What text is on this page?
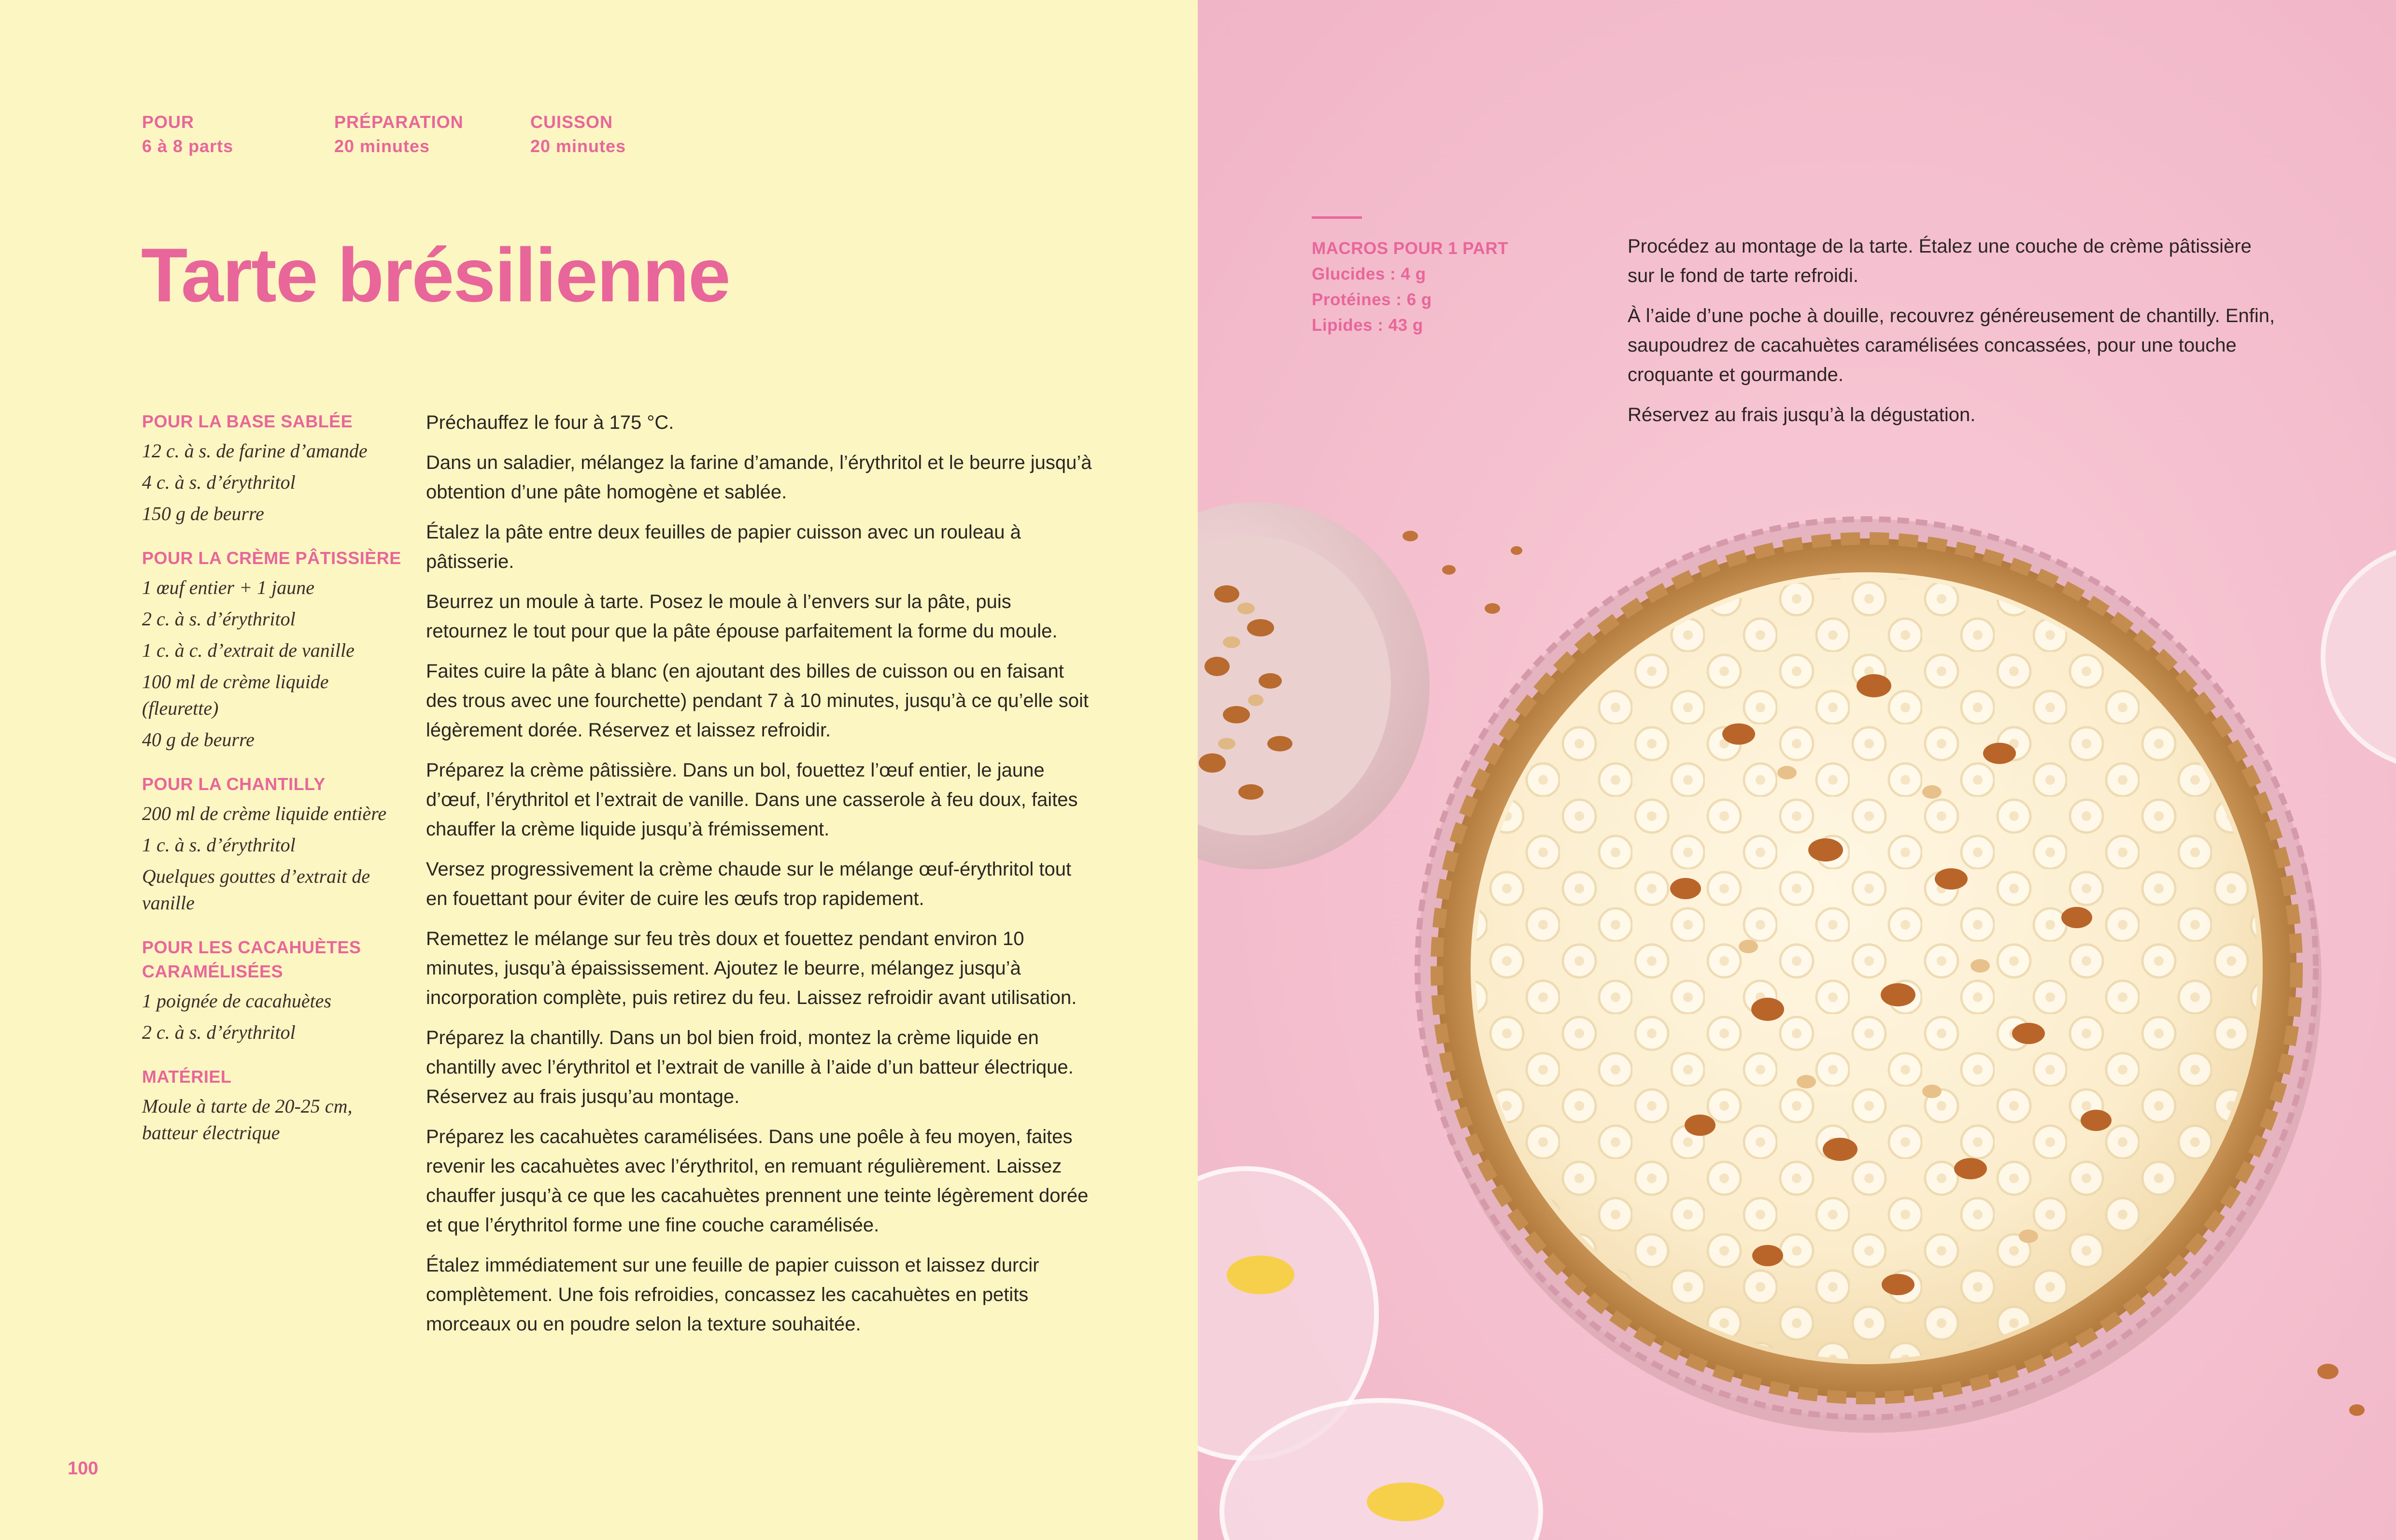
POUR
6 à 8 parts
PRÉPARATION
20 minutes
CUISSON
20 minutes
Tarte brésilienne
POUR LA BASE SABLÉE
12 c. à s. de farine d’amande
4 c. à s. d’érythritol
150 g de beurre
POUR LA CRÈME PÂTISSIÈRE
1 œuf entier + 1 jaune
2 c. à s. d’érythritol
1 c. à c. d’extrait de vanille
100 ml de crème liquide (fleurette)
40 g de beurre
POUR LA CHANTILLY
200 ml de crème liquide entière
1 c. à s. d’érythritol
Quelques gouttes d’extrait de vanille
POUR LES CACAHUÈTES CARAMÉLISÉES
1 poignée de cacahuètes
2 c. à s. d’érythritol
MATÉRIEL
Moule à tarte de 20-25 cm, batteur électrique

Préchauffez le four à 175 °C.

Dans un saladier, mélangez la farine d’amande, l’érythritol et le beurre jusqu’à obtention d’une pâte homogène et sablée.

Étalez la pâte entre deux feuilles de papier cuisson avec un rouleau à pâtisserie.

Beurrez un moule à tarte. Posez le moule à l’envers sur la pâte, puis retournez le tout pour que la pâte épouse parfaitement la forme du moule.

Faites cuire la pâte à blanc (en ajoutant des billes de cuisson ou en faisant des trous avec une fourchette) pendant 7 à 10 minutes, jusqu’à ce qu’elle soit légèrement dorée. Réservez et laissez refroidir.

Préparez la crème pâtissière. Dans un bol, fouettez l’œuf entier, le jaune d’œuf, l’érythritol et l’extrait de vanille. Dans une casserole à feu doux, faites chauffer la crème liquide jusqu’à frémissement.

Versez progressivement la crème chaude sur le mélange œuf-érythritol tout en fouettant pour éviter de cuire les œufs trop rapidement.

Remettez le mélange sur feu très doux et fouettez pendant environ 10 minutes, jusqu’à épaississement. Ajoutez le beurre, mélangez jusqu’à incorporation complète, puis retirez du feu. Laissez refroidir avant utilisation.

Préparez la chantilly. Dans un bol bien froid, montez la crème liquide en chantilly avec l’érythritol et l’extrait de vanille à l’aide d’un batteur électrique. Réservez au frais jusqu’au montage.

Préparez les cacahuètes caramélisées. Dans une poêle à feu moyen, faites revenir les cacahuètes avec l’érythritol, en remuant régulièrement. Laissez chauffer jusqu’à ce que les cacahuètes prennent une teinte légèrement dorée et que l’érythritol forme une fine couche caramélisée.

Étalez immédiatement sur une feuille de papier cuisson et laissez durcir complètement. Une fois refroidies, concassez les cacahuètes en petits morceaux ou en poudre selon la texture souhaitée.

100
MACROS POUR 1 PART
Glucides : 4 g
Protéines : 6 g
Lipides : 43 g

Procédez au montage de la tarte. Étalez une couche de crème pâtissière sur le fond de tarte refroidi.

À l’aide d’une poche à douille, recouvrez généreusement de chantilly. Enfin, saupoudrez de cacahuètes caramélisées concassées, pour une touche croquante et gourmande.

Réservez au frais jusqu’à la dégustation.
